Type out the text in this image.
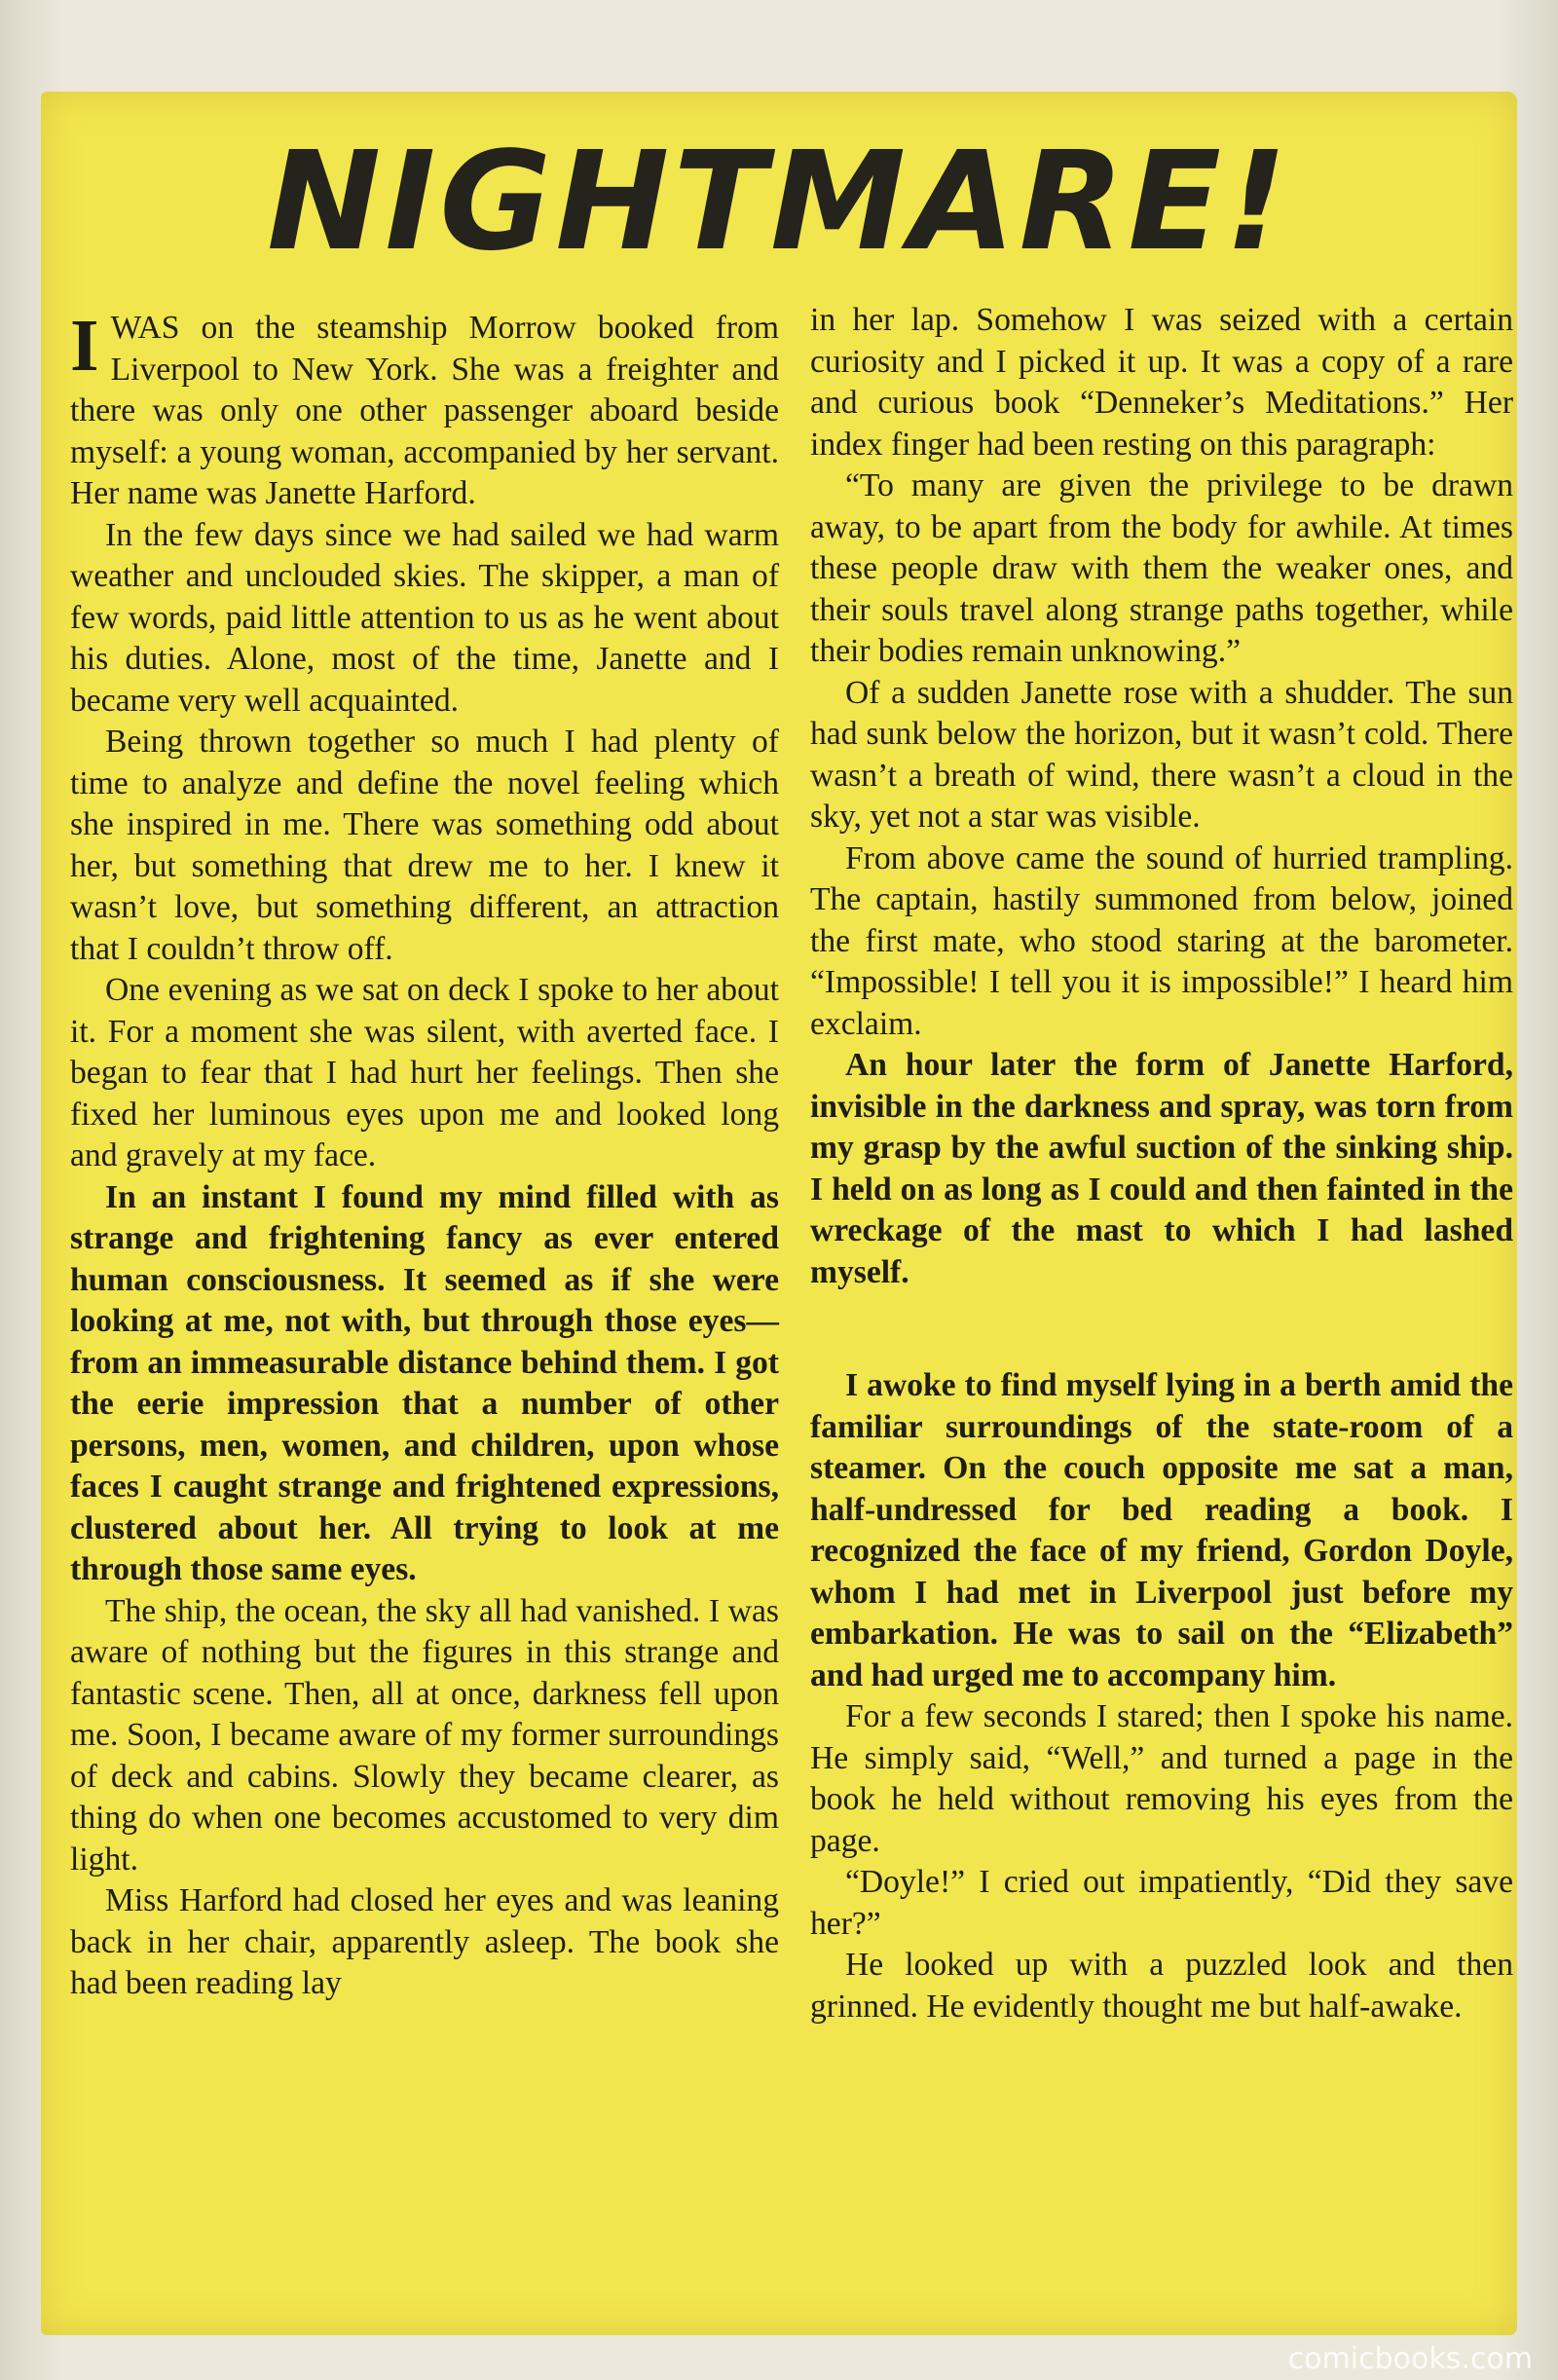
NIGHTMARE!

I WAS on the steamship Morrow booked from Liverpool to New York. She was a freighter and there was only one other passenger aboard beside myself: a young woman, accompanied by her servant. Her name was Janette Harford.

In the few days since we had sailed we had warm weather and unclouded skies. The skipper, a man of few words, paid little attention to us as he went about his duties. Alone, most of the time, Janette and I became very well acquainted.

Being thrown together so much I had plenty of time to analyze and define the novel feeling which she inspired in me. There was something odd about her, but something that drew me to her. I knew it wasn’t love, but something different, an attraction that I couldn’t throw off.

One evening as we sat on deck I spoke to her about it. For a moment she was silent, with averted face. I began to fear that I had hurt her feelings. Then she fixed her luminous eyes upon me and looked long and gravely at my face.

In an instant I found my mind filled with as strange and frightening fancy as ever entered human consciousness. It seemed as if she were looking at me, not with, but through those eyes—from an immeasurable distance behind them. I got the eerie impression that a number of other persons, men, women, and children, upon whose faces I caught strange and frightened expressions, clustered about her. All trying to look at me through those same eyes.

The ship, the ocean, the sky all had vanished. I was aware of nothing but the figures in this strange and fantastic scene. Then, all at once, darkness fell upon me. Soon, I became aware of my former surroundings of deck and cabins. Slowly they became clearer, as thing do when one becomes accustomed to very dim light.

Miss Harford had closed her eyes and was leaning back in her chair, apparently asleep. The book she had been reading lay

in her lap. Somehow I was seized with a certain curiosity and I picked it up. It was a copy of a rare and curious book “Denneker’s Meditations.” Her index finger had been resting on this paragraph:

“To many are given the privilege to be drawn away, to be apart from the body for awhile. At times these people draw with them the weaker ones, and their souls travel along strange paths together, while their bodies remain unknowing.”

Of a sudden Janette rose with a shudder. The sun had sunk below the horizon, but it wasn’t cold. There wasn’t a breath of wind, there wasn’t a cloud in the sky, yet not a star was visible.

From above came the sound of hurried trampling. The captain, hastily summoned from below, joined the first mate, who stood staring at the barometer. “Impossible! I tell you it is impossible!” I heard him exclaim.

An hour later the form of Janette Harford, invisible in the darkness and spray, was torn from my grasp by the awful suction of the sinking ship. I held on as long as I could and then fainted in the wreckage of the mast to which I had lashed myself.

I awoke to find myself lying in a berth amid the familiar surroundings of the state-room of a steamer. On the couch opposite me sat a man, half-undressed for bed reading a book. I recognized the face of my friend, Gordon Doyle, whom I had met in Liverpool just before my embarkation. He was to sail on the “Elizabeth” and had urged me to accompany him.

For a few seconds I stared; then I spoke his name. He simply said, “Well,” and turned a page in the book he held without removing his eyes from the page.

“Doyle!” I cried out impatiently, “Did they save her?”

He looked up with a puzzled look and then grinned. He evidently thought me but half-awake.

comicbooks.com
